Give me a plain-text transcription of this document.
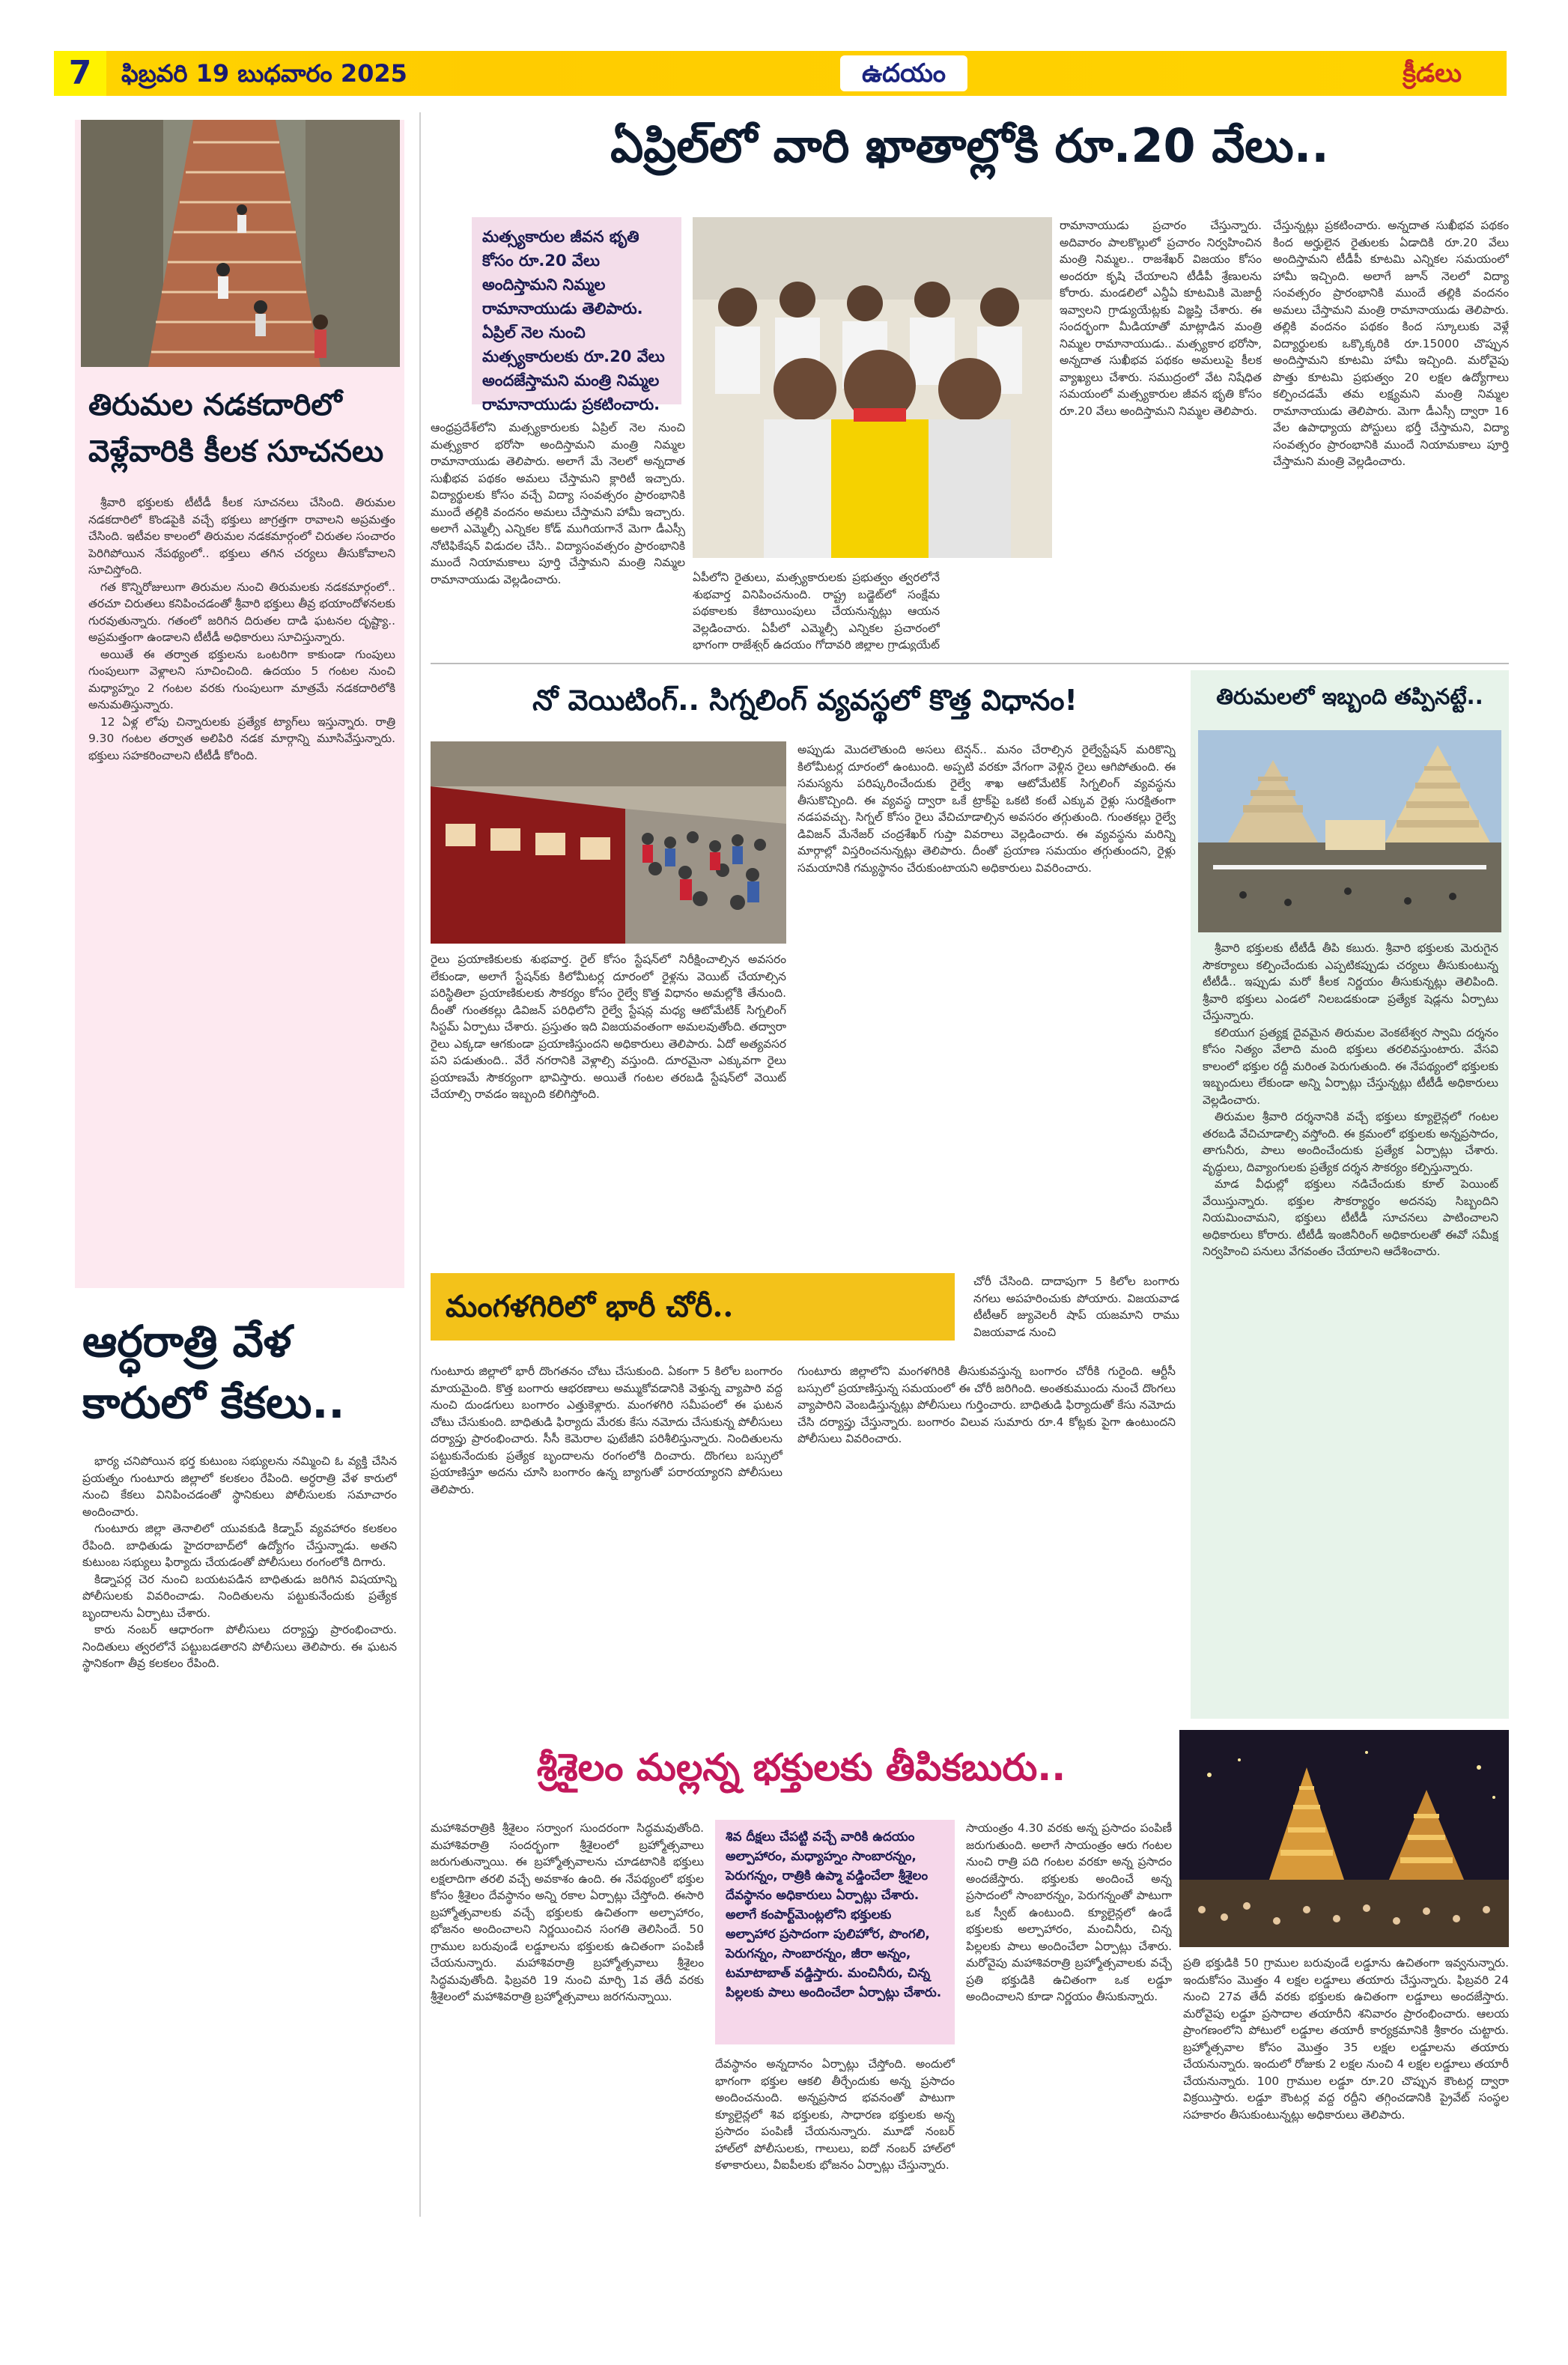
7	ఫిబ్రవరి 19 బుధవారం 2025	ఉదయం	క్రీడలు
తిరుమల నడకదారిలో వెళ్లేవారికి కీలక సూచనలు

శ్రీవారి భక్తులకు టీటీడీ కీలక సూచనలు చేసింది. తిరుమల నడకదారిలో కొండపైకి వచ్చే భక్తులు జాగ్రత్తగా రావాలని అప్రమత్తం చేసింది. ఇటీవల కాలంలో తిరుమల నడకమార్గంలో చిరుతల సంచారం పెరిగిపోయిన నేపథ్యంలో.. భక్తులు తగిన చర్యలు తీసుకోవాలని సూచిస్తోంది.

గత కొన్నిరోజులుగా తిరుమల నుంచి తిరుమలకు నడకమార్గంలో.. తరచూ చిరుతలు కనిపించడంతో శ్రీవారి భక్తులు తీవ్ర భయాందోళనలకు గురవుతున్నారు. గతంలో జరిగిన దిరుతల దాడి ఘటనల దృష్ట్యా.. అప్రమత్తంగా ఉండాలని టీటీడీ అధికారులు సూచిస్తున్నారు.

అయితే ఈ తర్వాత భక్తులను ఒంటరిగా కాకుండా గుంపులు గుంపులుగా వెళ్లాలని సూచించింది. ఉదయం 5 గంటల నుంచి మధ్యాహ్నం 2 గంటల వరకు గుంపులుగా మాత్రమే నడకదారిలోకి అనుమతిస్తున్నారు.

12 ఏళ్ల లోపు చిన్నారులకు ప్రత్యేక ట్యాగ్‌లు ఇస్తున్నారు. రాత్రి 9.30 గంటల తర్వాత అలిపిరి నడక మార్గాన్ని మూసివేస్తున్నారు. భక్తులు సహకరించాలని టీటీడీ కోరింది.

ఆర్ధరాత్రి వేళ కారులో కేకలు..

భార్య చనిపోయిన భర్త కుటుంబ సభ్యులను నమ్మించి ఓ వ్యక్తి చేసిన ప్రయత్నం గుంటూరు జిల్లాలో కలకలం రేపింది. అర్ధరాత్రి వేళ కారులో నుంచి కేకలు వినిపించడంతో స్థానికులు పోలీసులకు సమాచారం అందించారు.

గుంటూరు జిల్లా తెనాలిలో యువకుడి కిడ్నాప్ వ్యవహారం కలకలం రేపింది. బాధితుడు హైదరాబాద్‌లో ఉద్యోగం చేస్తున్నాడు. అతని కుటుంబ సభ్యులు ఫిర్యాదు చేయడంతో పోలీసులు రంగంలోకి దిగారు.

కిడ్నాపర్ల చెర నుంచి బయటపడిన బాధితుడు జరిగిన విషయాన్ని పోలీసులకు వివరించాడు. నిందితులను పట్టుకునేందుకు ప్రత్యేక బృందాలను ఏర్పాటు చేశారు.

కారు నంబర్ ఆధారంగా పోలీసులు దర్యాప్తు ప్రారంభించారు. నిందితులు త్వరలోనే పట్టుబడతారని పోలీసులు తెలిపారు. ఈ ఘటన స్థానికంగా తీవ్ర కలకలం రేపింది.

ఏప్రిల్‌లో వారి ఖాతాల్లోకి రూ.20 వేలు..
మత్స్యకారుల జీవన భృతి కోసం రూ.20 వేలు అందిస్తామని నిమ్మల రామానాయుడు తెలిపారు. ఏప్రిల్ నెల నుంచి మత్స్యకారులకు రూ.20 వేలు అందజేస్తామని మంత్రి నిమ్మల రామానాయుడు ప్రకటించారు.
ఆంధ్రప్రదేశ్‌లోని మత్స్యకారులకు ఏప్రిల్ నెల నుంచి మత్స్యకార భరోసా అందిస్తామని మంత్రి నిమ్మల రామానాయుడు తెలిపారు. అలాగే మే నెలలో అన్నదాత సుఖీభవ పథకం అమలు చేస్తామని క్లారిటీ ఇచ్చారు. విద్యార్థులకు కోసం వచ్చే విద్యా సంవత్సరం ప్రారంభానికి ముందే తల్లికి వందనం అమలు చేస్తామని హామీ ఇచ్చారు. అలాగే ఎమ్మెల్సీ ఎన్నికల కోడ్ ముగియగానే మెగా డీఎస్సీ నోటిఫికేషన్ విడుదల చేసి.. విద్యాసంవత్సరం ప్రారంభానికి ముందే నియామకాలు పూర్తి చేస్తామని మంత్రి నిమ్మల రామానాయుడు వెల్లడించారు.	ఏపీలోని రైతులు, మత్స్యకారులకు ప్రభుత్వం త్వరలోనే శుభవార్త వినిపించనుంది. రాష్ట్ర బడ్జెట్‌లో సంక్షేమ పథకాలకు కేటాయింపులు చేయనున్నట్లు ఆయన వెల్లడించారు. ఏపీలో ఎమ్మెల్సీ ఎన్నికల ప్రచారంలో భాగంగా రాజేశ్వర్ ఉదయం గోదావరి జిల్లాల గ్రాడ్యుయేట్
రామానాయుడు ప్రచారం చేస్తున్నారు. అదివారం పాలకొల్లులో ప్రచారం నిర్వహించిన మంత్రి నిమ్మల.. రాజశేఖర్ విజయం కోసం అందరూ కృషి చేయాలని టీడీపీ శ్రేణులను కోరారు. మండలిలో ఎన్డీఏ కూటమికి మెజార్టీ ఇవ్వాలని గ్రాడ్యుయేట్లకు విజ్ఞప్తి చేశారు. ఈ సందర్భంగా మీడియాతో మాట్లాడిన మంత్రి నిమ్మల రామానాయుడు.. మత్స్యకార భరోసా, అన్నదాత సుఖీభవ పథకం అమలుపై కీలక వ్యాఖ్యలు చేశారు. సముద్రంలో వేట నిషేధిత సమయంలో మత్స్యకారుల జీవన భృతి కోసం రూ.20 వేలు అందిస్తామని నిమ్మల తెలిపారు.
చేస్తున్నట్లు ప్రకటించారు. అన్నదాత సుఖీభవ పథకం కింద అర్హులైన రైతులకు ఏడాదికి రూ.20 వేలు అందిస్తామని టీడీపీ కూటమి ఎన్నికల సమయంలో హామీ ఇచ్చింది. అలాగే జూన్ నెలలో విద్యా సంవత్సరం ప్రారంభానికి ముందే తల్లికి వందనం అమలు చేస్తామని మంత్రి రామానాయుడు తెలిపారు. తల్లికి వందనం పథకం కింద స్కూలుకు వెళ్లే విద్యార్థులకు ఒక్కొక్కరికి రూ.15000 చొప్పున అందిస్తామని కూటమి హామీ ఇచ్చింది. మరోవైపు పొత్తు కూటమి ప్రభుత్వం 20 లక్షల ఉద్యోగాలు కల్పించడమే తమ లక్ష్యమని మంత్రి నిమ్మల రామానాయుడు తెలిపారు. మెగా డీఎస్సీ ద్వారా 16 వేల ఉపాధ్యాయ పోస్టులు భర్తీ చేస్తామని, విద్యా సంవత్సరం ప్రారంభానికి ముందే నియామకాలు పూర్తి చేస్తామని మంత్రి వెల్లడించారు.
నో వెయిటింగ్.. సిగ్నలింగ్ వ్యవస్థలో కొత్త విధానం!
రైలు ప్రయాణికులకు శుభవార్త. రైల్ కోసం స్టేషన్‌లో నిరీక్షించాల్సిన అవసరం లేకుండా, అలాగే స్టేషన్‌కు కిలోమీటర్ల దూరంలో రైళ్లను వెయిట్ చేయాల్సిన పరిస్థితిలా ప్రయాణికులకు సౌకర్యం కోసం రైల్వే కొత్త విధానం అమల్లోకి తేనుంది. దీంతో గుంతకల్లు డివిజన్ పరిధిలోని రైల్వే స్టేషన్ల మధ్య ఆటోమేటిక్ సిగ్నలింగ్ సిస్టమ్ ఏర్పాటు చేశారు. ప్రస్తుతం ఇది విజయవంతంగా అమలవుతోంది. తద్వారా రైలు ఎక్కడా ఆగకుండా ప్రయాణిస్తుందని అధికారులు తెలిపారు. ఏదో అత్యవసర పని పడుతుంది.. వేరే నగరానికి వెళ్లాల్సి వస్తుంది. దూరమైనా ఎక్కువగా రైలు ప్రయాణమే సౌకర్యంగా భావిస్తారు. అయితే గంటల తరబడి స్టేషన్‌లో వెయిట్ చేయాల్సి రావడం ఇబ్బంది కలిగిస్తోంది.
అప్పుడు మొదలౌతుంది అసలు టెన్షన్.. మనం చేరాల్సిన రైల్వేస్టేషన్ మరికొన్ని కిలోమీటర్ల దూరంలో ఉంటుంది. అప్పటి వరకూ వేగంగా వెళ్లిన రైలు ఆగిపోతుంది. ఈ సమస్యను పరిష్కరించేందుకు రైల్వే శాఖ ఆటోమేటిక్ సిగ్నలింగ్ వ్యవస్థను తీసుకొచ్చింది. ఈ వ్యవస్థ ద్వారా ఒకే ట్రాక్‌పై ఒకటి కంటే ఎక్కువ రైళ్లు సురక్షితంగా నడపవచ్చు. సిగ్నల్ కోసం రైలు వేచిచూడాల్సిన అవసరం తగ్గుతుంది. గుంతకల్లు రైల్వే డివిజన్ మేనేజర్ చంద్రశేఖర్ గుప్తా వివరాలు వెల్లడించారు. ఈ వ్యవస్థను మరిన్ని మార్గాల్లో విస్తరించనున్నట్లు తెలిపారు. దీంతో ప్రయాణ సమయం తగ్గుతుందని, రైళ్లు సమయానికి గమ్యస్థానం చేరుకుంటాయని అధికారులు వివరించారు.
తిరుమలలో ఇబ్బంది తప్పినట్టే..

శ్రీవారి భక్తులకు టీటీడీ తీపి కబురు. శ్రీవారి భక్తులకు మెరుగైన సౌకర్యాలు కల్పించేందుకు ఎప్పటికప్పుడు చర్యలు తీసుకుంటున్న టీటీడీ.. ఇప్పుడు మరో కీలక నిర్ణయం తీసుకున్నట్లు తెలిపింది. శ్రీవారి భక్తులు ఎండలో నిలబడకుండా ప్రత్యేక షెడ్లను ఏర్పాటు చేస్తున్నారు.

కలియుగ ప్రత్యక్ష దైవమైన తిరుమల వెంకటేశ్వర స్వామి దర్శనం కోసం నిత్యం వేలాది మంది భక్తులు తరలివస్తుంటారు. వేసవి కాలంలో భక్తుల రద్దీ మరింత పెరుగుతుంది. ఈ నేపథ్యంలో భక్తులకు ఇబ్బందులు లేకుండా అన్ని ఏర్పాట్లు చేస్తున్నట్లు టీటీడీ అధికారులు వెల్లడించారు.

తిరుమల శ్రీవారి దర్శనానికి వచ్చే భక్తులు క్యూలైన్లలో గంటల తరబడి వేచిచూడాల్సి వస్తోంది. ఈ క్రమంలో భక్తులకు అన్నప్రసాదం, తాగునీరు, పాలు అందించేందుకు ప్రత్యేక ఏర్పాట్లు చేశారు. వృద్ధులు, దివ్యాంగులకు ప్రత్యేక దర్శన సౌకర్యం కల్పిస్తున్నారు.

మాడ వీధుల్లో భక్తులు నడిచేందుకు కూల్ పెయింట్ వేయిస్తున్నారు. భక్తుల సౌకర్యార్థం అదనపు సిబ్బందిని నియమించామని, భక్తులు టీటీడీ సూచనలు పాటించాలని అధికారులు కోరారు. టీటీడీ ఇంజినీరింగ్ అధికారులతో ఈవో సమీక్ష నిర్వహించి పనులు వేగవంతం చేయాలని ఆదేశించారు.

మంగళగిరిలో భారీ చోరీ..
చోరీ చేసింది. దాదాపుగా 5 కిలోల బంగారు నగలు అపహరించుకు పోయారు. విజయవాడ టీటీఆర్ జ్యువెలరీ షాప్ యజమాని రాము విజయవాడ నుంచి
గుంటూరు జిల్లాలో భారీ దొంగతనం చోటు చేసుకుంది. ఏకంగా 5 కిలోల బంగారం మాయమైంది. కొత్త బంగారు ఆభరణాలు అమ్ముకోవడానికి వెళ్తున్న వ్యాపారి వద్ద నుంచి దుండగులు బంగారం ఎత్తుకెళ్లారు. మంగళగిరి సమీపంలో ఈ ఘటన చోటు చేసుకుంది. బాధితుడి ఫిర్యాదు మేరకు కేసు నమోదు చేసుకున్న పోలీసులు దర్యాప్తు ప్రారంభించారు. సీసీ కెమెరాల ఫుటేజీని పరిశీలిస్తున్నారు. నిందితులను పట్టుకునేందుకు ప్రత్యేక బృందాలను రంగంలోకి దించారు. దొంగలు బస్సులో ప్రయాణిస్తూ అదను చూసి బంగారం ఉన్న బ్యాగుతో పరారయ్యారని పోలీసులు తెలిపారు.
గుంటూరు జిల్లాలోని మంగళగిరికి తీసుకువస్తున్న బంగారం చోరీకి గురైంది. ఆర్టీసీ బస్సులో ప్రయాణిస్తున్న సమయంలో ఈ చోరీ జరిగింది. అంతకుముందు నుంచే దొంగలు వ్యాపారిని వెంబడిస్తున్నట్లు పోలీసులు గుర్తించారు. బాధితుడి ఫిర్యాదుతో కేసు నమోదు చేసి దర్యాప్తు చేస్తున్నారు. బంగారం విలువ సుమారు రూ.4 కోట్లకు పైగా ఉంటుందని పోలీసులు వివరించారు.
శ్రీశైలం మల్లన్న భక్తులకు తీపికబురు..
మహాశివరాత్రికి శ్రీశైలం సర్వాంగ సుందరంగా సిద్ధమవుతోంది. మహాశివరాత్రి సందర్భంగా శ్రీశైలంలో బ్రహ్మోత్సవాలు జరుగుతున్నాయి. ఈ బ్రహ్మోత్సవాలను చూడటానికి భక్తులు లక్షలాదిగా తరలి వచ్చే అవకాశం ఉంది. ఈ నేపథ్యంలో భక్తుల కోసం శ్రీశైలం దేవస్థానం అన్ని రకాల ఏర్పాట్లు చేస్తోంది. ఈసారి బ్రహ్మోత్సవాలకు వచ్చే భక్తులకు ఉచితంగా అల్పాహారం, భోజనం అందించాలని నిర్ణయించిన సంగతి తెలిసిందే. 50 గ్రాముల బరువుండే లడ్డూలను భక్తులకు ఉచితంగా పంపిణీ చేయనున్నారు. మహాశివరాత్రి బ్రహ్మోత్సవాలు శ్రీశైలం సిద్ధమవుతోంది. ఫిబ్రవరి 19 నుంచి మార్చి 1వ తేదీ వరకు శ్రీశైలంలో మహాశివరాత్రి బ్రహ్మోత్సవాలు జరగనున్నాయి.
శివ దీక్షలు చేపట్టి వచ్చే వారికి ఉదయం అల్పాహారం, మధ్యాహ్నం సాంబారన్నం, పెరుగన్నం, రాత్రికి ఉప్మా వడ్డించేలా శ్రీశైలం దేవస్థానం అధికారులు ఏర్పాట్లు చేశారు. అలాగే కంపార్ట్‌మెంట్లలోని భక్తులకు అల్పాహార ప్రసాదంగా పులిహోర, పొంగలి, పెరుగన్నం, సాంబారన్నం, జీరా అన్నం, టమాటాబాత్ వడ్డిస్తారు. మంచినీరు, చిన్న పిల్లలకు పాలు అందించేలా ఏర్పాట్లు చేశారు.
దేవస్థానం అన్నదానం ఏర్పాట్లు చేస్తోంది. అందులో భాగంగా భక్తుల ఆకలి తీర్చేందుకు అన్న ప్రసాదం అందించనుంది. అన్నప్రసాద భవనంతో పాటుగా క్యూలైన్లలో శివ భక్తులకు, సాధారణ భక్తులకు అన్న ప్రసాదం పంపిణీ చేయనున్నారు. మూడో నంబర్ హాల్‌లో పోలీసులకు, గాలులు, ఐదో నంబర్ హాల్‌లో కళాకారులు, వీఐపీలకు భోజనం ఏర్పాట్లు చేస్తున్నారు.
సాయంత్రం 4.30 వరకు అన్న ప్రసాదం పంపిణీ జరుగుతుంది. అలాగే సాయంత్రం ఆరు గంటల నుంచి రాత్రి పది గంటల వరకూ అన్న ప్రసాదం అందజేస్తారు. భక్తులకు అందించే అన్న ప్రసాదంలో సాంబారన్నం, పెరుగన్నంతో పాటుగా ఒక స్వీట్ ఉంటుంది. క్యూలైన్లలో ఉండే భక్తులకు అల్పాహారం, మంచినీరు, చిన్న పిల్లలకు పాలు అందించేలా ఏర్పాట్లు చేశారు. మరోవైపు మహాశివరాత్రి బ్రహ్మోత్సవాలకు వచ్చే ప్రతి భక్తుడికి ఉచితంగా ఒక లడ్డూ అందించాలని కూడా నిర్ణయం తీసుకున్నారు.
ప్రతి భక్తుడికి 50 గ్రాముల బరువుండే లడ్డూను ఉచితంగా ఇవ్వనున్నారు. ఇందుకోసం మొత్తం 4 లక్షల లడ్డూలు తయారు చేస్తున్నారు. ఫిబ్రవరి 24 నుంచి 27వ తేదీ వరకు భక్తులకు ఉచితంగా లడ్డూలు అందజేస్తారు. మరోవైపు లడ్డూ ప్రసాదాల తయారీని శనివారం ప్రారంభించారు. ఆలయ ప్రాంగణంలోని పోటులో లడ్డూల తయారీ కార్యక్రమానికి శ్రీకారం చుట్టారు. బ్రహ్మోత్సవాల కోసం మొత్తం 35 లక్షల లడ్డూలను తయారు చేయనున్నారు. ఇందులో రోజుకు 2 లక్షల నుంచి 4 లక్షల లడ్డూలు తయారీ చేయనున్నారు. 100 గ్రాముల లడ్డూ రూ.20 చొప్పున కౌంటర్ల ద్వారా విక్రయిస్తారు. లడ్డూ కౌంటర్ల వద్ద రద్దీని తగ్గించడానికి ప్రైవేట్ సంస్థల సహకారం తీసుకుంటున్నట్లు అధికారులు తెలిపారు.
